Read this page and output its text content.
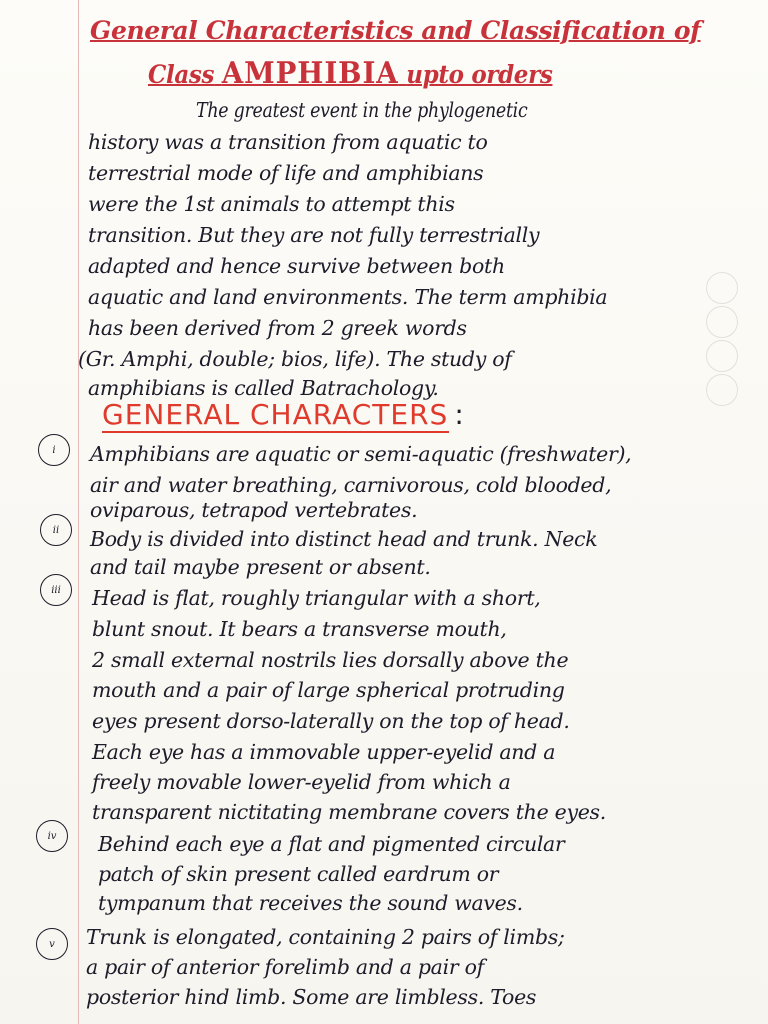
General Characteristics and Classification of
Class AMPHIBIA upto orders
The greatest event in the phylogenetic
history was a transition from aquatic to
terrestrial mode of life and amphibians
were the 1st animals to attempt this
transition. But they are not fully terrestrially
adapted and hence survive between both
aquatic and land environments. The term amphibia
has been derived from 2 greek words
(Gr. Amphi, double; bios, life). The study of
amphibians is called Batrachology.
GENERAL CHARACTERS :
i	Amphibians are aquatic or semi-aquatic (freshwater),
air and water breathing, carnivorous, cold blooded,
oviparous, tetrapod vertebrates.
ii	Body is divided into distinct head and trunk. Neck
and tail maybe present or absent.
iii	Head is flat, roughly triangular with a short,
blunt snout. It bears a transverse mouth,
2 small external nostrils lies dorsally above the
mouth and a pair of large spherical protruding
eyes present dorso-laterally on the top of head.
Each eye has a immovable upper-eyelid and a
freely movable lower-eyelid from which a
transparent nictitating membrane covers the eyes.
iv	Behind each eye a flat and pigmented circular
patch of skin present called eardrum or
tympanum that receives the sound waves.
v	Trunk is elongated, containing 2 pairs of limbs;
a pair of anterior forelimb and a pair of
posterior hind limb. Some are limbless. Toes
